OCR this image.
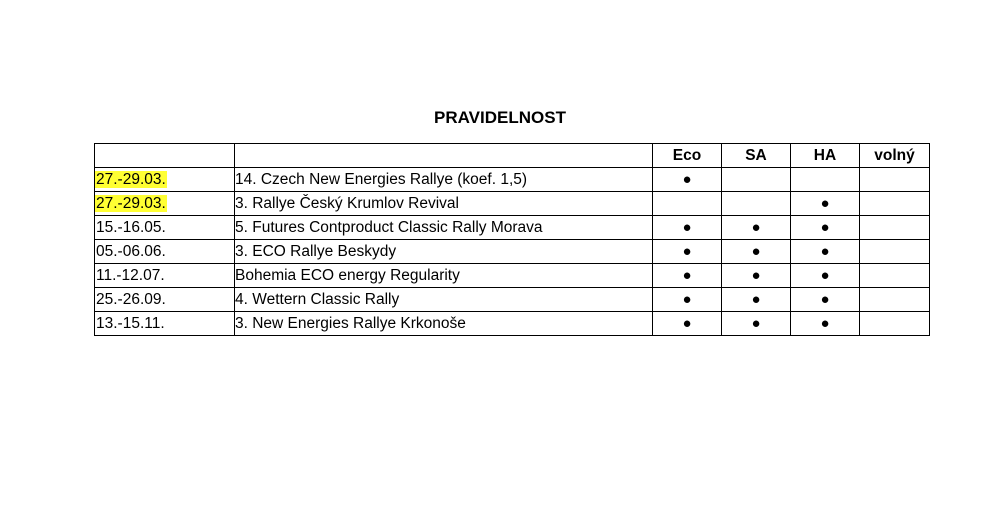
PRAVIDELNOST
		Eco	SA	HA	volný
27.-29.03.	14. Czech New Energies Rallye (koef. 1,5)	●			
27.-29.03.	3. Rallye Český Krumlov Revival			●	
15.-16.05.	5. Futures Contproduct Classic Rally Morava	●	●	●	
05.-06.06.	3. ECO Rallye Beskydy	●	●	●	
11.-12.07.	Bohemia ECO energy Regularity	●	●	●	
25.-26.09.	4. Wettern Classic Rally	●	●	●	
13.-15.11.	3. New Energies Rallye Krkonoše	●	●	●	
